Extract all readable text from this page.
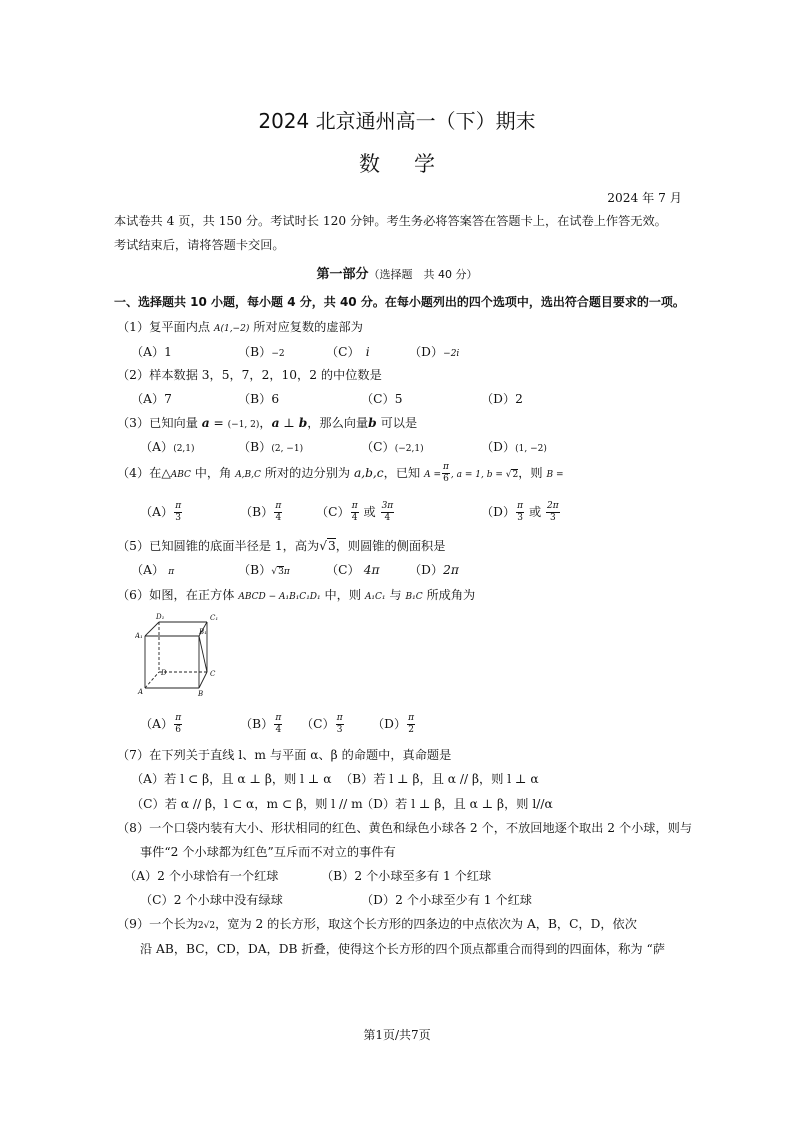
2024 北京通州高一（下）期末
数学
2024 年 7 月
本试卷共 4 页，共 150 分。考试时长 120 分钟。考生务必将答案答在答题卡上，在试卷上作答无效。考试结束后，请将答题卡交回。
第一部分（选择题　共 40 分）
一、选择题共 10 小题，每小题 4 分，共 40 分。在每小题列出的四个选项中，选出符合题目要求的一项。
（1）复平面内点 A(1,−2) 所对应复数的虚部为
（A）1	（B）−2	（C） i	（D）−2i
（2）样本数据 3，5，7，2，10，2 的中位数是
（A）7	（B）6	（C）5	（D）2
（3）已知向量 a = (−1, 2)，a ⊥ b，那么向量b 可以是
（A）(2,1)	（B）(2, −1)	（C）(−2,1)	（D）(1, −2)
（4）在△ABC 中，角 A,B,C 所对的边分别为 a,b,c，已知 $A = \frac{\pi}{6}$ , a = 1, b = √2，则 B =
$(A) \frac{\pi}{3}$	$(B) \frac{\pi}{4}$	$(C) \frac{\pi}{4}$ 或 $\frac{3\pi}{4}$	$(D) \frac{\pi}{3}$ 或 $\frac{2\pi}{3}$
（5）已知圆锥的底面半径是 1，高为√3，则圆锥的侧面积是
（A） π	（B）√3π	（C） 4π （D）2π
（6）如图，在正方体 ABCD − A₁B₁C₁D₁ 中，则 A₁C₁ 与 B₁C 所成角为
D₁	C₁
A₁	B₁
D	C
A	B
$(A) \frac{\pi}{6}$	$(B) \frac{\pi}{4} (C) \frac{\pi}{3} (D) \frac{\pi}{2}$
（7）在下列关于直线 l、m 与平面 α、β 的命题中，真命题是
（A）若 l ⊂ β，且 α ⊥ β，则 l ⊥ α （B）若 l ⊥ β，且 α // β，则 l ⊥ α
（C）若 α // β，l ⊂ α，m ⊂ β，则 l // m
（D）若 l ⊥ β，且 α ⊥ β，则 l//α
（8）一个口袋内装有大小、形状相同的红色、黄色和绿色小球各 2 个，不放回地逐个取出 2 个小球，则与
事件“2 个小球都为红色”互斥而不对立的事件有
（A）2 个小球恰有一个红球	（B）2 个小球至多有 1 个红球
（C）2 个小球中没有绿球	（D）2 个小球至少有 1 个红球
（9）一个长为2√2，宽为 2 的长方形，取这个长方形的四条边的中点依次为 A，B，C，D，依次
沿 AB，BC，CD，DA，DB 折叠，使得这个长方形的四个顶点都重合而得到的四面体，称为 “萨
第1页/共7页
